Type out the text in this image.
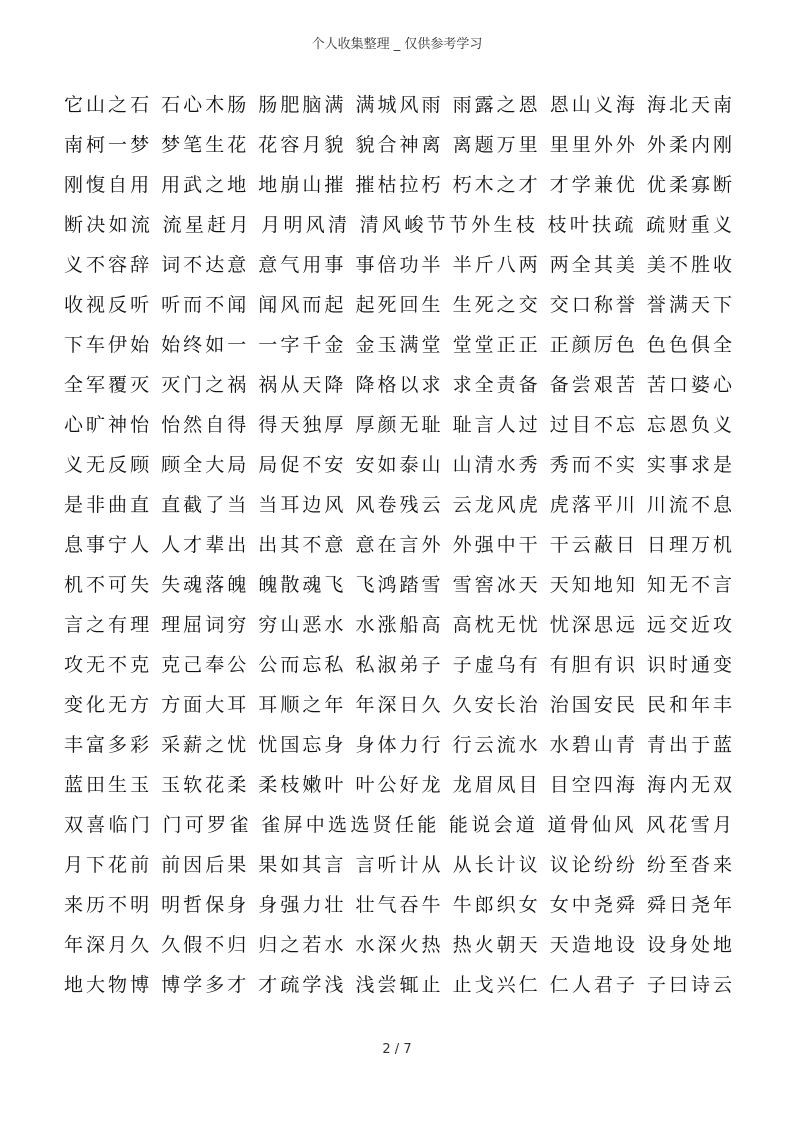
个人收集整理 _ 仅供参考学习
它山之石 石心木肠 肠肥脑满 满城风雨 雨露之恩 恩山义海 海北天南
南柯一梦 梦笔生花 花容月貌 貌合神离 离题万里 里里外外 外柔内刚
刚愎自用 用武之地 地崩山摧 摧枯拉朽 朽木之才 才学兼优 优柔寡断
断决如流 流星赶月 月明风清 清风峻节节外生枝 枝叶扶疏 疏财重义
义不容辞 词不达意 意气用事 事倍功半 半斤八两 两全其美 美不胜收
收视反听 听而不闻 闻风而起 起死回生 生死之交 交口称誉 誉满天下
下车伊始 始终如一 一字千金 金玉满堂 堂堂正正 正颜厉色 色色俱全
全军覆灭 灭门之祸 祸从天降 降格以求 求全责备 备尝艰苦 苦口婆心
心旷神怡 怡然自得 得天独厚 厚颜无耻 耻言人过 过目不忘 忘恩负义
义无反顾 顾全大局 局促不安 安如泰山 山清水秀 秀而不实 实事求是
是非曲直 直截了当 当耳边风 风卷残云 云龙风虎 虎落平川 川流不息
息事宁人 人才辈出 出其不意 意在言外 外强中干 干云蔽日 日理万机
机不可失 失魂落魄 魄散魂飞 飞鸿踏雪 雪窖冰天 天知地知 知无不言
言之有理 理屈词穷 穷山恶水 水涨船高 高枕无忧 忧深思远 远交近攻
攻无不克 克己奉公 公而忘私 私淑弟子 子虚乌有 有胆有识 识时通变
变化无方 方面大耳 耳顺之年 年深日久 久安长治 治国安民 民和年丰
丰富多彩 采薪之忧 忧国忘身 身体力行 行云流水 水碧山青 青出于蓝
蓝田生玉 玉软花柔 柔枝嫩叶 叶公好龙 龙眉凤目 目空四海 海内无双
双喜临门 门可罗雀 雀屏中选选贤任能 能说会道 道骨仙风 风花雪月
月下花前 前因后果 果如其言 言听计从 从长计议 议论纷纷 纷至沓来
来历不明 明哲保身 身强力壮 壮气吞牛 牛郎织女 女中尧舜 舜日尧年
年深月久 久假不归 归之若水 水深火热 热火朝天 天造地设 设身处地
地大物博 博学多才 才疏学浅 浅尝辄止 止戈兴仁 仁人君子 子曰诗云
2 / 7
